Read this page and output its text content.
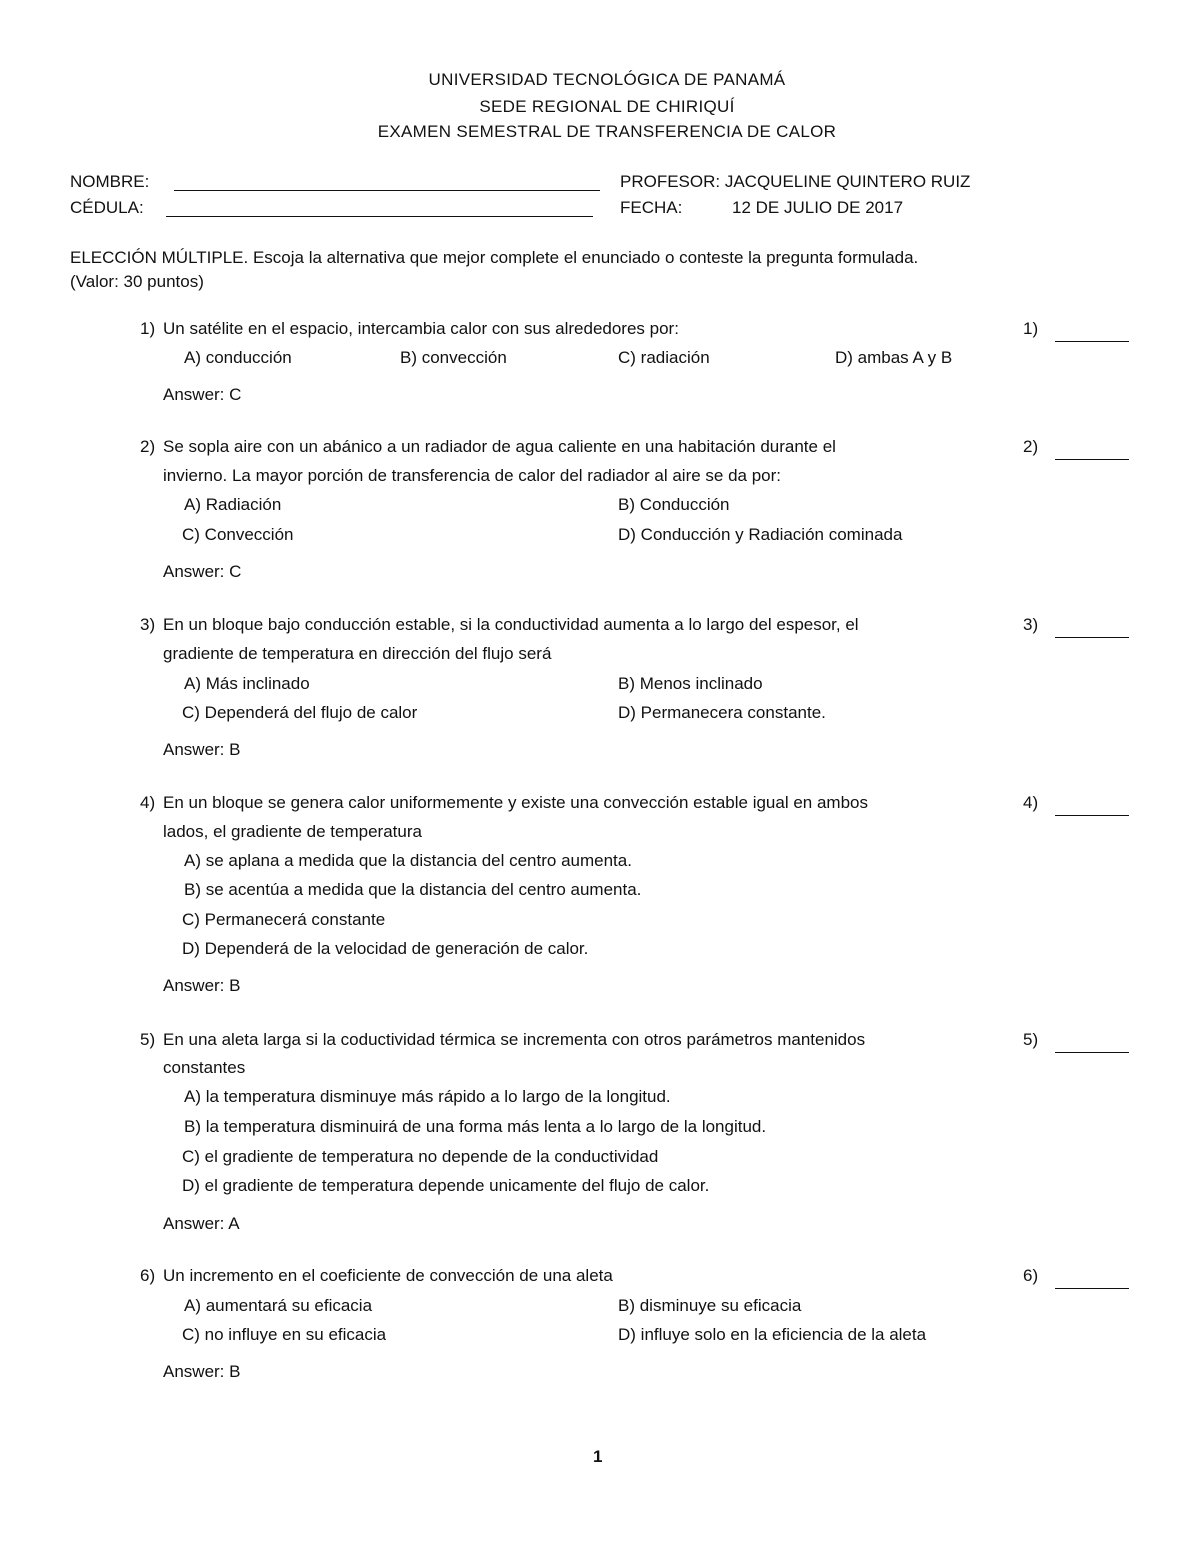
UNIVERSIDAD TECNOLÓGICA DE PANAMÁ
SEDE REGIONAL DE CHIRIQUÍ
EXAMEN SEMESTRAL DE TRANSFERENCIA DE CALOR
NOMBRE:	PROFESOR: JACQUELINE QUINTERO RUIZ
CÉDULA:	FECHA:	12 DE JULIO DE 2017
ELECCIÓN MÚLTIPLE. Escoja la alternativa que mejor complete el enunciado o conteste la pregunta formulada.
(Valor: 30 puntos)
1) Un satélite en el espacio, intercambia calor con sus alrededores por:	1)
A) conducción	B) convección	C) radiación	D) ambas A y B
Answer: C
2) Se sopla aire con un abánico a un radiador de agua caliente en una habitación durante el
invierno. La mayor porción de transferencia de calor del radiador al aire se da por:
2)
A) Radiación	B) Conducción
C) Convección	D) Conducción y Radiación cominada
Answer: C
3) En un bloque bajo conducción estable, si la conductividad aumenta a lo largo del espesor, el
gradiente de temperatura en dirección del flujo será
3)
A) Más inclinado	B) Menos inclinado
C) Dependerá del flujo de calor	D) Permanecera constante.
Answer: B
4) En un bloque se genera calor uniformemente y existe una convección estable igual en ambos
lados, el gradiente de temperatura
4)
A) se aplana a medida que la distancia del centro aumenta.
B) se acentúa a medida que la distancia del centro aumenta.
C) Permanecerá constante
D) Dependerá de la velocidad de generación de calor.
Answer: B
5) En una aleta larga si la coductividad térmica se incrementa con otros parámetros mantenidos
constantes
5)
A) la temperatura disminuye más rápido a lo largo de la longitud.
B) la temperatura disminuirá de una forma más lenta a lo largo de la longitud.
C) el gradiente de temperatura no depende de la conductividad
D) el gradiente de temperatura depende unicamente del flujo de calor.
Answer: A
6) Un incremento en el coeficiente de convección de una aleta	6)
A) aumentará su eficacia	B) disminuye su eficacia
C) no influye en su eficacia	D) influye solo en la eficiencia de la aleta
Answer: B
1
